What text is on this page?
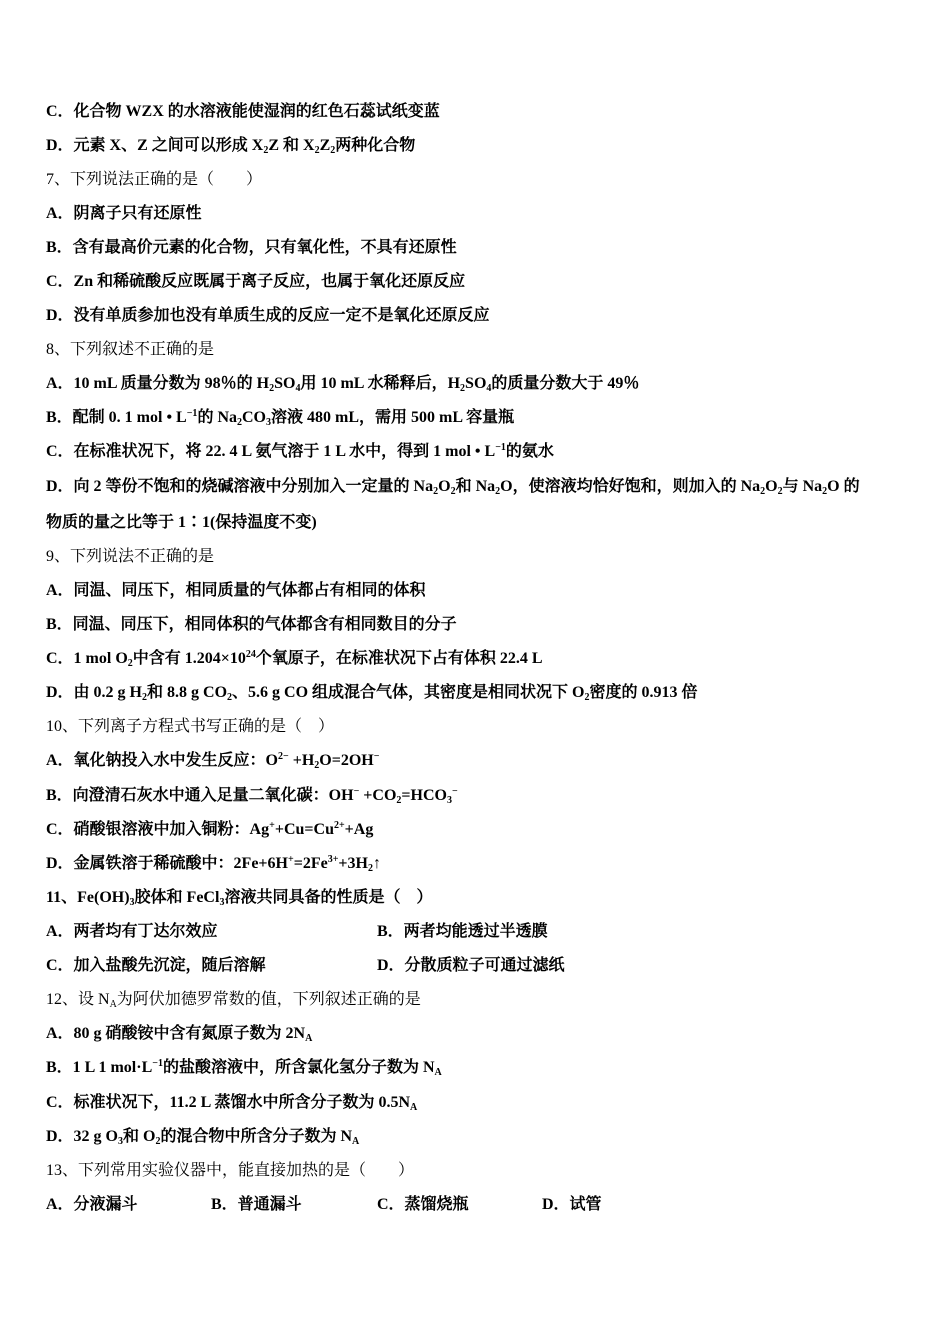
C．化合物 WZX 的水溶液能使湿润的红色石蕊试纸变蓝
D．元素 X、Z 之间可以形成 $X_2Z$ 和 $X_2Z_2$两种化合物
7、下列说法正确的是（　　）
A．阴离子只有还原性
B．含有最高价元素的化合物，只有氧化性，不具有还原性
C．Zn 和稀硫酸反应既属于离子反应，也属于氧化还原反应
D．没有单质参加也没有单质生成的反应一定不是氧化还原反应
8、下列叙述不正确的是
A．10 mL 质量分数为 98％的 $H_2SO_4$用 10 mL 水稀释后，$H_2SO_4$的质量分数大于 49％
B．配制 0. 1 mol • $L^{-1}$的 $Na_2CO_3$溶液 480 mL，需用 500 mL 容量瓶
C．在标准状况下，将 22. 4 L 氨气溶于 1 L 水中，得到 1 mol • $L^{-1}$的氨水
D．向 2 等份不饱和的烧碱溶液中分别加入一定量的 $Na_2O_2$和 $Na_2O$，使溶液均恰好饱和，则加入的 $Na_2O_2$与 $Na_2O$ 的
物质的量之比等于 1∶1(保持温度不变)
9、下列说法不正确的是
A．同温、同压下，相同质量的气体都占有相同的体积
B．同温、同压下，相同体积的气体都含有相同数目的分子
C．1 mol $O_2$中含有 $1.204\times 10^{24}$个氧原子，在标准状况下占有体积 22.4 L
D．由 0.2 g $H_2$和 8.8 g $CO_2$、5.6 g CO 组成混合气体，其密度是相同状况下 $O_2$密度的 0.913 倍
10、下列离子方程式书写正确的是（　）
A．氧化钠投入水中发生反应：$O^{2-} +H_2O=2OH^-$
B．向澄清石灰水中通入足量二氧化碳：$OH^- +CO_2=HCO_3^-$
C．硝酸银溶液中加入铜粉：$Ag^++Cu=Cu^{2+}+Ag$
D．金属铁溶于稀硫酸中：$2Fe+6H^+=2Fe^{3+}+3H_2↑$
11、$Fe(OH)_3$胶体和 FeCl$_3$溶液共同具备的性质是（　）
A．两者均有丁达尔效应	B．两者均能透过半透膜
C．加入盐酸先沉淀，随后溶解	D．分散质粒子可通过滤纸
12、设 $N_A$为阿伏加德罗常数的值，下列叙述正确的是
A．80 g 硝酸铵中含有氮原子数为 $2N_A$
B．1 L 1 $mol\cdot L^{-1}$的盐酸溶液中，所含氯化氢分子数为 $N_A$
C．标准状况下，11.2 L 蒸馏水中所含分子数为 $0.5N_A$
D．32 g $O_3$和 $O_2$的混合物中所含分子数为 $N_A$
13、下列常用实验仪器中，能直接加热的是（　　）
A．分液漏斗	B．普通漏斗	C．蒸馏烧瓶	D．试管
